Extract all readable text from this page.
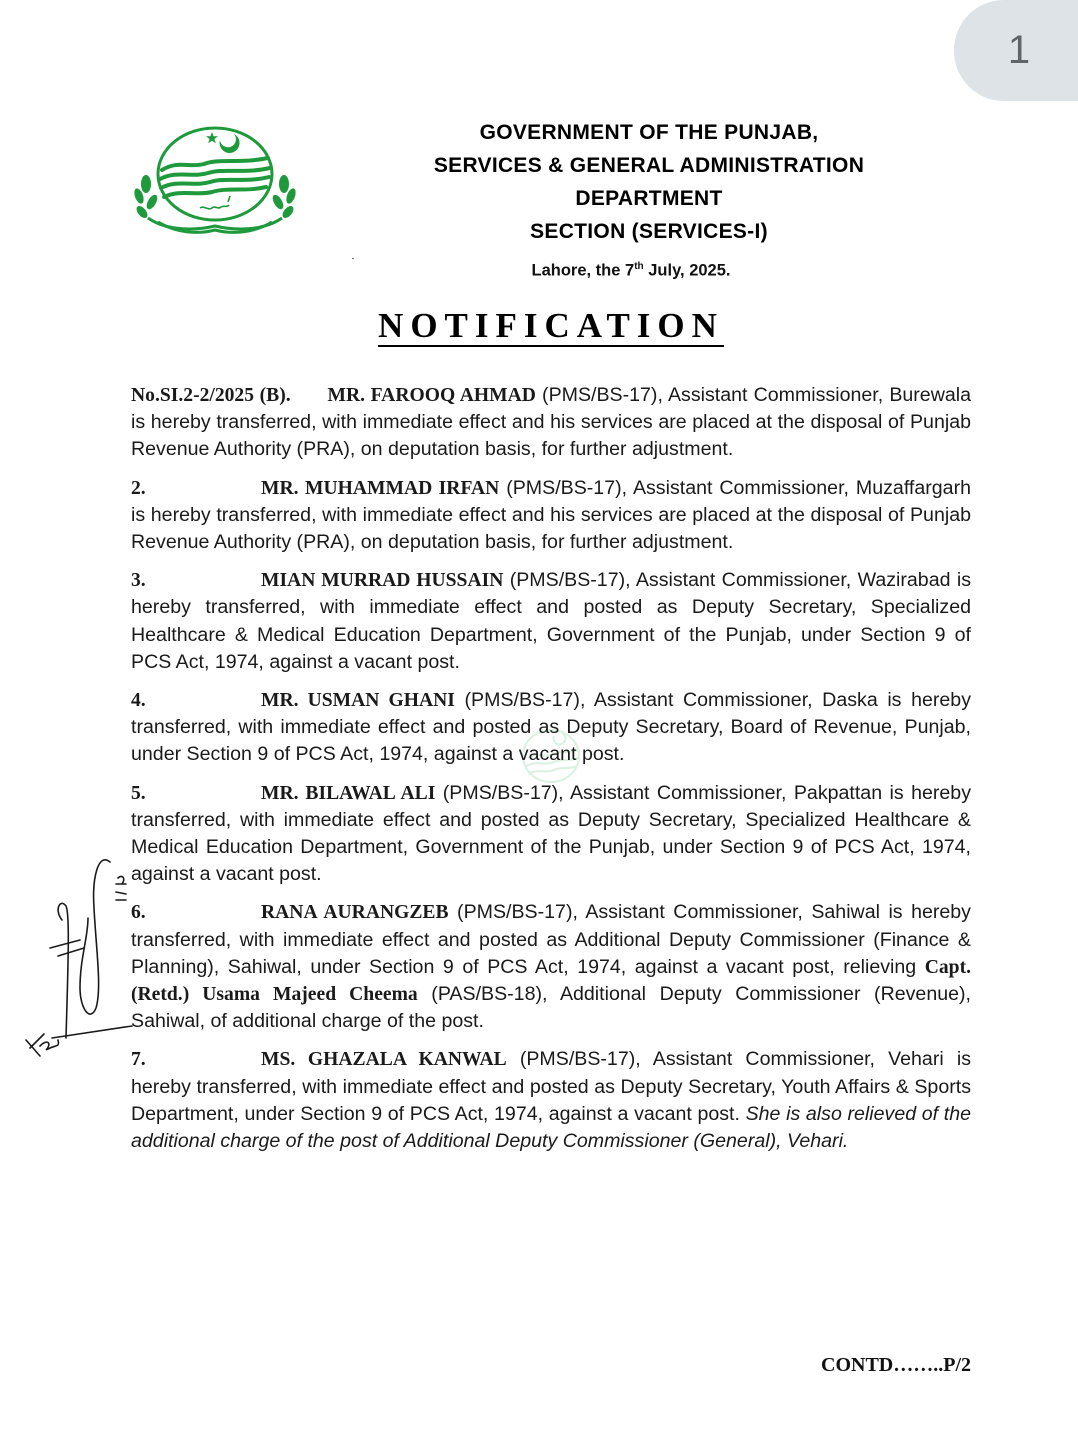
1
GOVERNMENT OF THE PUNJAB,
SERVICES & GENERAL ADMINISTRATION
DEPARTMENT
SECTION (SERVICES-I)
Lahore, the 7th July, 2025.
NOTIFICATION

No.SI.2-2/2025 (B). MR. FAROOQ AHMAD (PMS/BS-17), Assistant Commissioner, Burewala is hereby transferred, with immediate effect and his services are placed at the disposal of Punjab Revenue Authority (PRA), on deputation basis, for further adjustment.

2.	MR. MUHAMMAD IRFAN (PMS/BS-17), Assistant Commissioner, Muzaffargarh is hereby transferred, with immediate effect and his services are placed at the disposal of Punjab Revenue Authority (PRA), on deputation basis, for further adjustment.

3.	MIAN MURRAD HUSSAIN (PMS/BS-17), Assistant Commissioner, Wazirabad is hereby transferred, with immediate effect and posted as Deputy Secretary, Specialized Healthcare & Medical Education Department, Government of the Punjab, under Section 9 of PCS Act, 1974, against a vacant post.

4.	MR. USMAN GHANI (PMS/BS-17), Assistant Commissioner, Daska is hereby transferred, with immediate effect and posted as Deputy Secretary, Board of Revenue, Punjab, under Section 9 of PCS Act, 1974, against a vacant post.

5.	MR. BILAWAL ALI (PMS/BS-17), Assistant Commissioner, Pakpattan is hereby transferred, with immediate effect and posted as Deputy Secretary, Specialized Healthcare & Medical Education Department, Government of the Punjab, under Section 9 of PCS Act, 1974, against a vacant post.

6.	RANA AURANGZEB (PMS/BS-17), Assistant Commissioner, Sahiwal is hereby transferred, with immediate effect and posted as Additional Deputy Commissioner (Finance & Planning), Sahiwal, under Section 9 of PCS Act, 1974, against a vacant post, relieving Capt. (Retd.) Usama Majeed Cheema (PAS/BS-18), Additional Deputy Commissioner (Revenue), Sahiwal, of additional charge of the post.

7.	MS. GHAZALA KANWAL (PMS/BS-17), Assistant Commissioner, Vehari is hereby transferred, with immediate effect and posted as Deputy Secretary, Youth Affairs & Sports Department, under Section 9 of PCS Act, 1974, against a vacant post. She is also relieved of the additional charge of the post of Additional Deputy Commissioner (General), Vehari.

CONTD……..P/2
